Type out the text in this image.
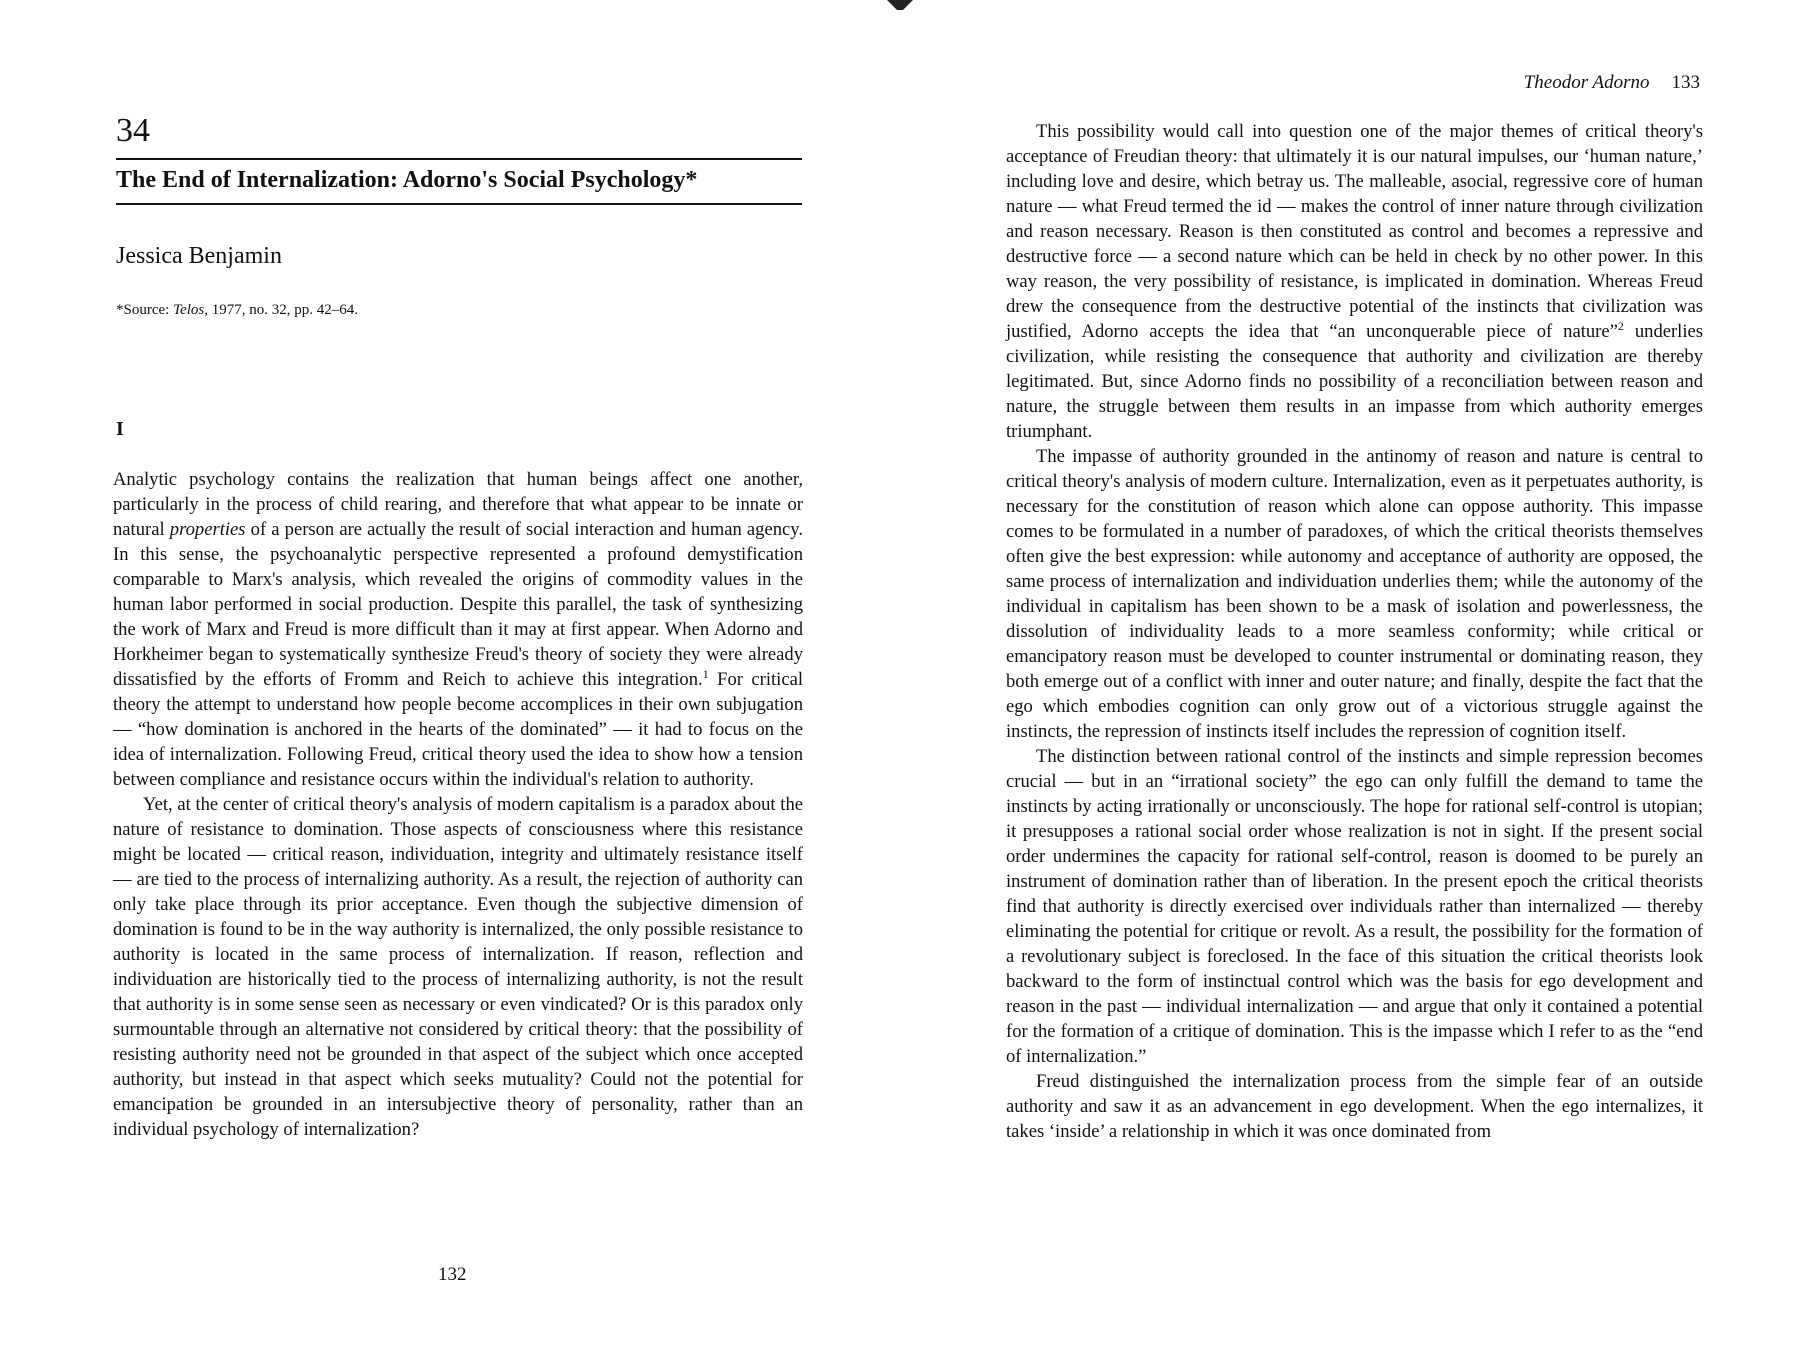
34
The End of Internalization: Adorno's Social Psychology*
Jessica Benjamin
*Source: Telos, 1977, no. 32, pp. 42–64.
I

Analytic psychology contains the realization that human beings affect one another, particularly in the process of child rearing, and therefore that what appear to be innate or natural properties of a person are actually the result of social interaction and human agency. In this sense, the psychoanalytic perspective represented a profound demystification comparable to Marx's analysis, which revealed the origins of commodity values in the human labor performed in social production. Despite this parallel, the task of synthesizing the work of Marx and Freud is more difficult than it may at first appear. When Adorno and Horkheimer began to systematically synthesize Freud's theory of society they were already dissatisfied by the efforts of Fromm and Reich to achieve this integration.$^1$ For critical theory the attempt to understand how people become accomplices in their own subjugation — “how domination is anchored in the hearts of the dominated” — it had to focus on the idea of internalization. Following Freud, critical theory used the idea to show how a tension between compliance and resistance occurs within the individual's relation to authority.

Yet, at the center of critical theory's analysis of modern capitalism is a paradox about the nature of resistance to domination. Those aspects of consciousness where this resistance might be located — critical reason, individuation, integrity and ultimately resistance itself — are tied to the process of internalizing authority. As a result, the rejection of authority can only take place through its prior acceptance. Even though the subjective dimension of domination is found to be in the way authority is internalized, the only possible resistance to authority is located in the same process of internalization. If reason, reflection and individuation are historically tied to the process of internalizing authority, is not the result that authority is in some sense seen as necessary or even vindicated? Or is this paradox only surmountable through an alternative not considered by critical theory: that the possibility of resisting authority need not be grounded in that aspect of the subject which once accepted authority, but instead in that aspect which seeks mutuality? Could not the potential for emancipation be grounded in an intersubjective theory of personality, rather than an individual psychology of internalization?

132
Theodor Adorno 133

This possibility would call into question one of the major themes of critical theory's acceptance of Freudian theory: that ultimately it is our natural impulses, our ‘human nature,’ including love and desire, which betray us. The malleable, asocial, regressive core of human nature — what Freud termed the id — makes the control of inner nature through civilization and reason necessary. Reason is then constituted as control and becomes a repressive and destructive force — a second nature which can be held in check by no other power. In this way reason, the very possibility of resistance, is implicated in domination. Whereas Freud drew the consequence from the destructive potential of the instincts that civilization was justified, Adorno accepts the idea that “an unconquerable piece of nature”$^2$ underlies civilization, while resisting the consequence that authority and civilization are thereby legitimated. But, since Adorno finds no possibility of a reconciliation between reason and nature, the struggle between them results in an impasse from which authority emerges triumphant.

The impasse of authority grounded in the antinomy of reason and nature is central to critical theory's analysis of modern culture. Internalization, even as it perpetuates authority, is necessary for the constitution of reason which alone can oppose authority. This impasse comes to be formulated in a number of paradoxes, of which the critical theorists themselves often give the best expression: while autonomy and acceptance of authority are opposed, the same process of internalization and individuation underlies them; while the autonomy of the individual in capitalism has been shown to be a mask of isolation and powerlessness, the dissolution of individuality leads to a more seamless conformity; while critical or emancipatory reason must be developed to counter instrumental or dominating reason, they both emerge out of a conflict with inner and outer nature; and finally, despite the fact that the ego which embodies cognition can only grow out of a victorious struggle against the instincts, the repression of instincts itself includes the repression of cognition itself.

The distinction between rational control of the instincts and simple repression becomes crucial — but in an “irrational society” the ego can only fulfill the demand to tame the instincts by acting irrationally or unconsciously. The hope for rational self-control is utopian; it presupposes a rational social order whose realization is not in sight. If the present social order undermines the capacity for rational self-control, reason is doomed to be purely an instrument of domination rather than of liberation. In the present epoch the critical theorists find that authority is directly exercised over individuals rather than internalized — thereby eliminating the potential for critique or revolt. As a result, the possibility for the formation of a revolutionary subject is foreclosed. In the face of this situation the critical theorists look backward to the form of instinctual control which was the basis for ego development and reason in the past — individual internalization — and argue that only it contained a potential for the formation of a critique of domination. This is the impasse which I refer to as the “end of internalization.”

Freud distinguished the internalization process from the simple fear of an outside authority and saw it as an advancement in ego development. When the ego internalizes, it takes ‘inside’ a relationship in which it was once dominated from
